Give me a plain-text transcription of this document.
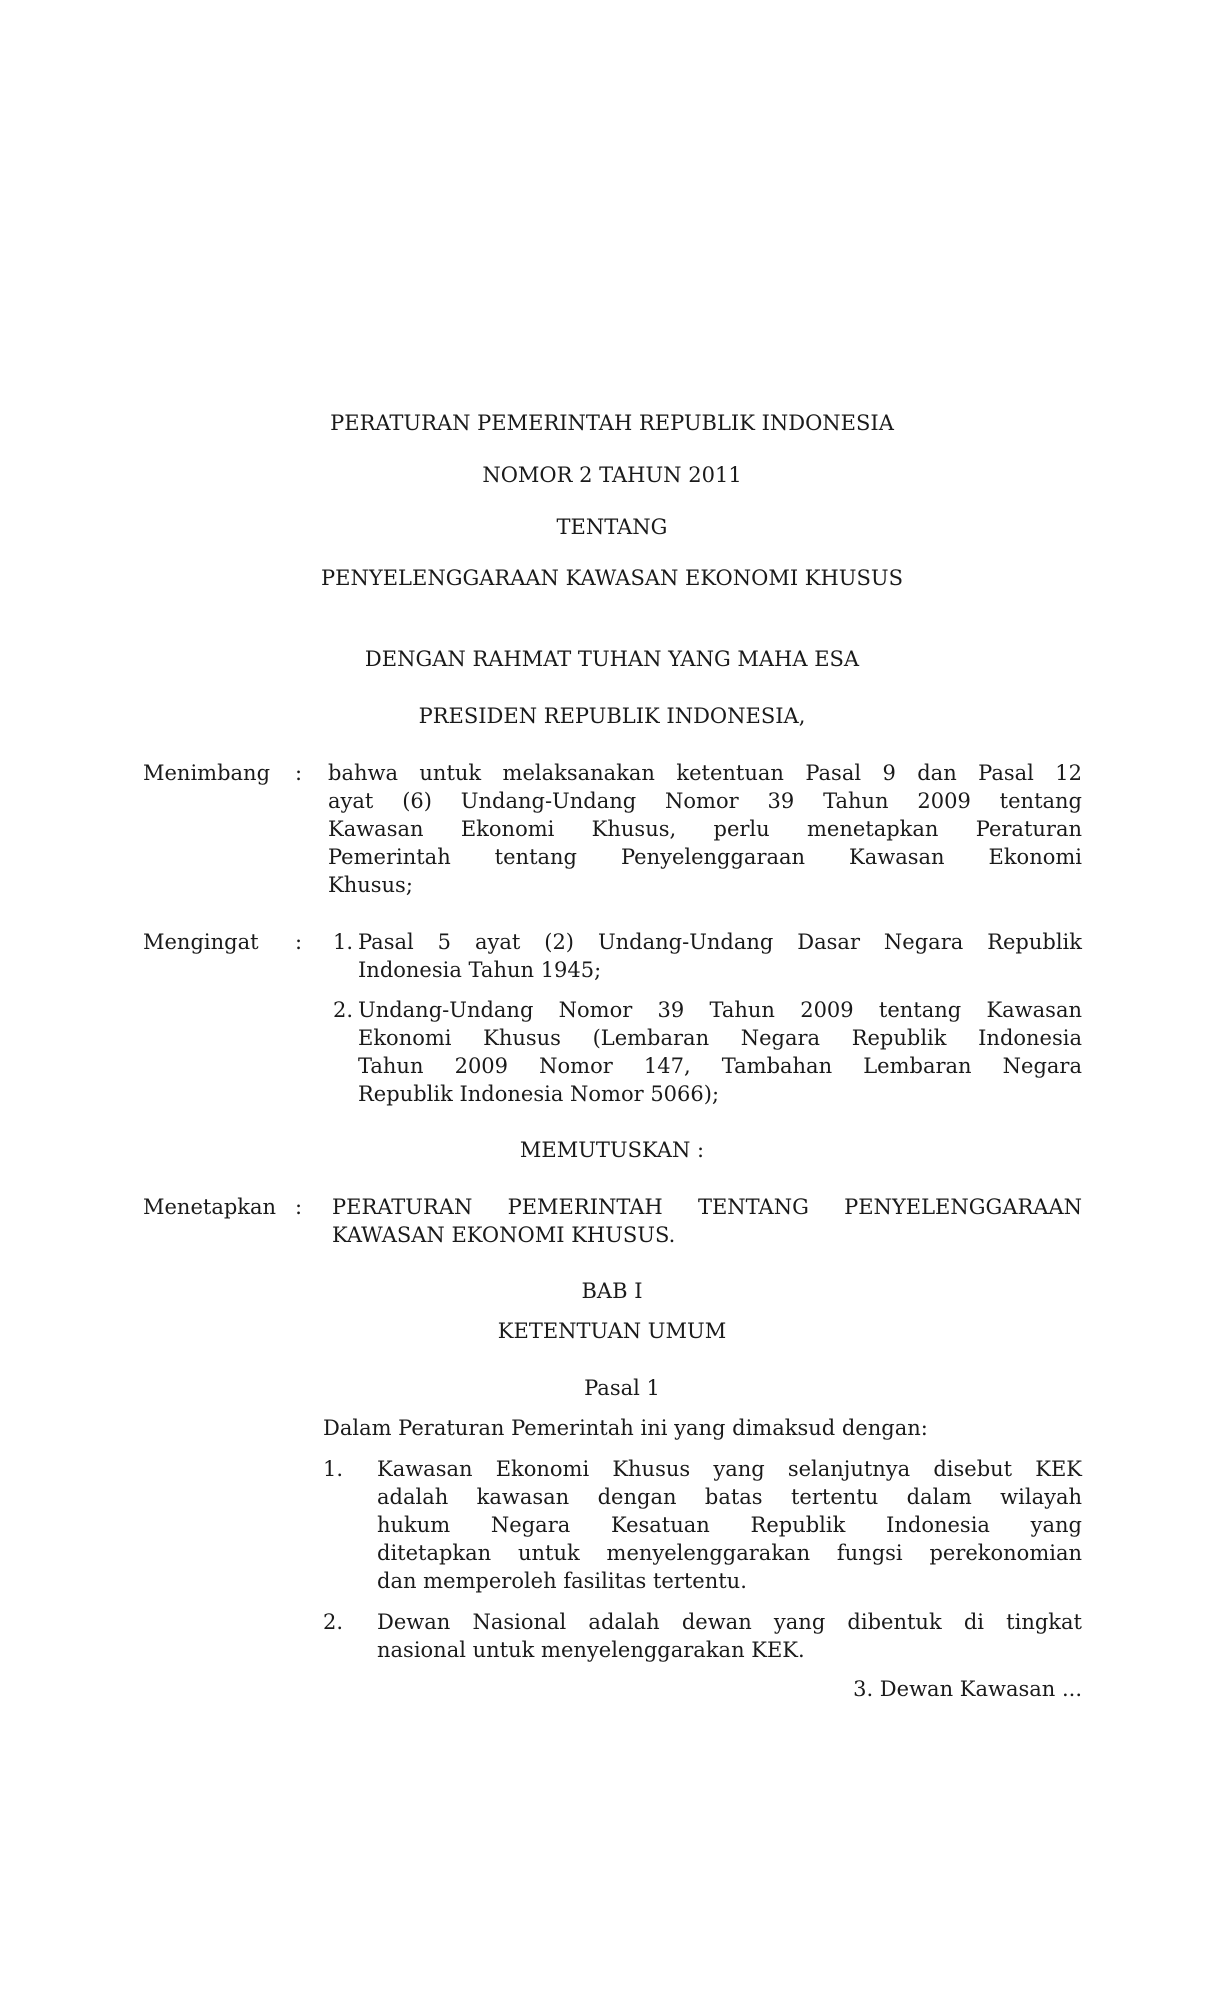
PERATURAN PEMERINTAH REPUBLIK INDONESIA
NOMOR 2 TAHUN 2011
TENTANG
PENYELENGGARAAN KAWASAN EKONOMI KHUSUS
DENGAN RAHMAT TUHAN YANG MAHA ESA
PRESIDEN REPUBLIK INDONESIA,
Menimbang : bahwa untuk melaksanakan ketentuan Pasal 9 dan Pasal 12
ayat (6) Undang-Undang Nomor 39 Tahun 2009 tentang
Kawasan Ekonomi Khusus, perlu menetapkan Peraturan
Pemerintah tentang Penyelenggaraan Kawasan Ekonomi
Khusus;
Mengingat : 1. Pasal 5 ayat (2) Undang-Undang Dasar Negara Republik
Indonesia Tahun 1945;
2. Undang-Undang Nomor 39 Tahun 2009 tentang Kawasan
Ekonomi Khusus (Lembaran Negara Republik Indonesia
Tahun 2009 Nomor 147, Tambahan Lembaran Negara
Republik Indonesia Nomor 5066);
MEMUTUSKAN :
Menetapkan : PERATURAN PEMERINTAH TENTANG PENYELENGGARAAN
KAWASAN EKONOMI KHUSUS.
BAB I
KETENTUAN UMUM
Pasal 1
Dalam Peraturan Pemerintah ini yang dimaksud dengan:
1. Kawasan Ekonomi Khusus yang selanjutnya disebut KEK
adalah kawasan dengan batas tertentu dalam wilayah
hukum Negara Kesatuan Republik Indonesia yang
ditetapkan untuk menyelenggarakan fungsi perekonomian
dan memperoleh fasilitas tertentu.
2. Dewan Nasional adalah dewan yang dibentuk di tingkat
nasional untuk menyelenggarakan KEK.
3. Dewan Kawasan ...
